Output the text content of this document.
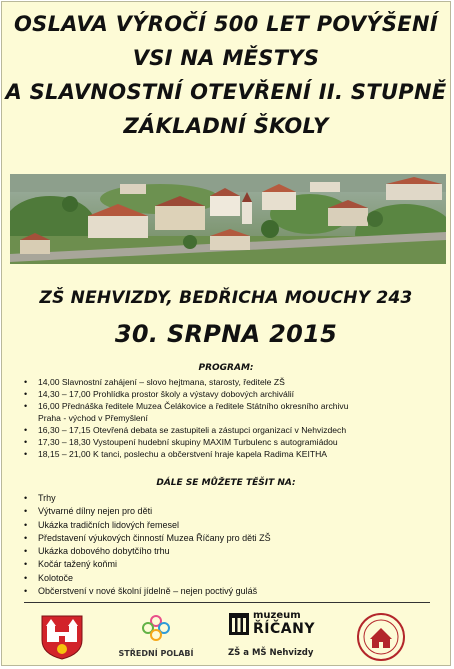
OSLAVA VÝROČÍ 500 LET POVÝŠENÍ
VSI NA MĚSTYS
A SLAVNOSTNÍ OTEVŘENÍ II. STUPNĚ
ZÁKLADNÍ ŠKOLY
ZŠ NEHVIZDY, BEDŘICHA MOUCHY 243
30. SRPNA 2015
PROGRAM:
• 14,00 Slavnostní zahájení – slovo hejtmana, starosty, ředitele ZŠ
• 14,30 – 17,00 Prohlídka prostor školy a výstavy dobových archiválií
• 16,00 Přednáška ředitele Muzea Čelákovice a ředitele Státního okresního archivu
Praha - východ v Přemyšlení
• 16,30 – 17,15 Otevřená debata se zastupiteli a zástupci organizací v Nehvizdech
• 17,30 – 18,30 Vystoupení hudební skupiny MAXIM Turbulenc s autogramiádou
• 18,15 – 21,00 K tanci, poslechu a občerstvení hraje kapela Radima KEITHA
DÁLE SE MŮŽETE TĚŠIT NA:
• Trhy
• Výtvarné dílny nejen pro děti
• Ukázka tradičních lidových řemesel
• Představení výukových činností Muzea Říčany pro děti ZŠ
• Ukázka dobového dobytčího trhu
• Kočár tažený koňmi
• Kolotoče
• Občerstvení v nové školní jídelně – nejen poctivý guláš
STŘEDNÍ POLABÍ
muzeum
ŘÍČANY
ZŠ a MŠ Nehvizdy
